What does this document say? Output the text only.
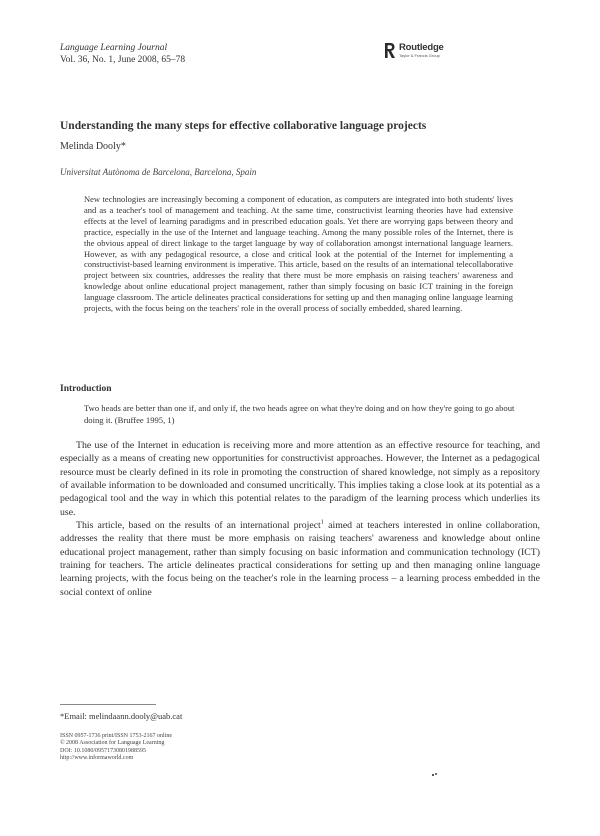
Language Learning Journal
Vol. 36, No. 1, June 2008, 65–78
Routledge
Taylor & Francis Group
Understanding the many steps for effective collaborative language projects
Melinda Dooly*
Universitat Autònoma de Barcelona, Barcelona, Spain

New technologies are increasingly becoming a component of education, as computers are integrated into both students' lives and as a teacher's tool of management and teaching. At the same time, constructivist learning theories have had extensive effects at the level of learning paradigms and in prescribed education goals. Yet there are worrying gaps between theory and practice, especially in the use of the Internet and language teaching. Among the many possible roles of the Internet, there is the obvious appeal of direct linkage to the target language by way of collaboration amongst international language learners. However, as with any pedagogical resource, a close and critical look at the potential of the Internet for implementing a constructivist-based learning environment is imperative. This article, based on the results of an international telecollaborative project between six countries, addresses the reality that there must be more emphasis on raising teachers' awareness and knowledge about online educational project management, rather than simply focusing on basic ICT training in the foreign language classroom. The article delineates practical considerations for setting up and then managing online language learning projects, with the focus being on the teachers' role in the overall process of socially embedded, shared learning.

Introduction

Two heads are better than one if, and only if, the two heads agree on what they're doing and on how they're going to go about doing it. (Bruffee 1995, 1)

The use of the Internet in education is receiving more and more attention as an effective resource for teaching, and especially as a means of creating new opportunities for constructivist approaches. However, the Internet as a pedagogical resource must be clearly defined in its role in promoting the construction of shared knowledge, not simply as a repository of available information to be downloaded and consumed uncritically. This implies taking a close look at its potential as a pedagogical tool and the way in which this potential relates to the paradigm of the learning process which underlies its use.

This article, based on the results of an international project$^1$ aimed at teachers interested in online collaboration, addresses the reality that there must be more emphasis on raising teachers' awareness and knowledge about online educational project management, rather than simply focusing on basic information and communication technology (ICT) training for teachers. The article delineates practical considerations for setting up and then managing online language learning projects, with the focus being on the teacher's role in the learning process – a learning process embedded in the social context of online

*Email: melindaann.dooly@uab.cat
ISSN 0957-1736 print/ISSN 1753-2167 online
© 2008 Association for Language Learning
DOI: 10.1080/09571730801988595
http://www.informaworld.com
